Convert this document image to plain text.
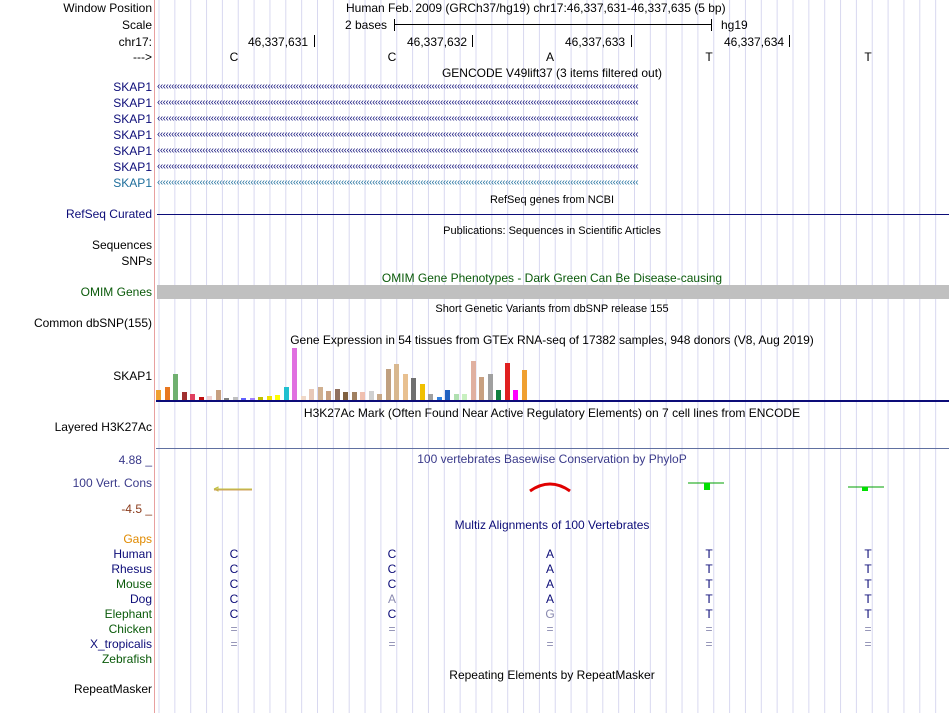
Window Position	Human Feb. 2009 (GRCh37/hg19) chr17:46,337,631-46,337,635 (5 bp)
Scale	2 bases	hg19
chr17:	46,337,631	46,337,632	46,337,633	46,337,634
--->	C	C	A	T	T
GENCODE V49lift37 (3 items filtered out)
SKAP1 ‹‹‹‹‹‹‹‹‹‹‹‹‹‹‹‹‹‹‹‹‹‹‹‹‹‹‹‹‹‹‹‹‹‹‹‹‹‹‹‹‹‹‹‹‹‹‹‹‹‹‹‹‹‹‹‹‹‹‹‹‹‹‹‹‹‹‹‹‹‹‹‹‹‹‹‹‹‹‹‹‹‹‹‹‹‹‹‹‹‹‹‹‹‹‹‹‹‹‹‹‹‹‹‹‹‹‹‹‹‹‹‹‹‹‹‹‹‹‹‹‹‹‹‹‹‹‹‹‹‹‹‹‹‹‹‹‹‹‹‹‹‹‹‹‹‹‹‹‹‹‹‹‹‹‹‹‹‹‹‹‹‹‹‹‹‹‹‹‹‹
SKAP1 ‹‹‹‹‹‹‹‹‹‹‹‹‹‹‹‹‹‹‹‹‹‹‹‹‹‹‹‹‹‹‹‹‹‹‹‹‹‹‹‹‹‹‹‹‹‹‹‹‹‹‹‹‹‹‹‹‹‹‹‹‹‹‹‹‹‹‹‹‹‹‹‹‹‹‹‹‹‹‹‹‹‹‹‹‹‹‹‹‹‹‹‹‹‹‹‹‹‹‹‹‹‹‹‹‹‹‹‹‹‹‹‹‹‹‹‹‹‹‹‹‹‹‹‹‹‹‹‹‹‹‹‹‹‹‹‹‹‹‹‹‹‹‹‹‹‹‹‹‹‹‹‹‹‹‹‹‹‹‹‹‹‹‹‹‹‹‹‹‹‹
SKAP1 ‹‹‹‹‹‹‹‹‹‹‹‹‹‹‹‹‹‹‹‹‹‹‹‹‹‹‹‹‹‹‹‹‹‹‹‹‹‹‹‹‹‹‹‹‹‹‹‹‹‹‹‹‹‹‹‹‹‹‹‹‹‹‹‹‹‹‹‹‹‹‹‹‹‹‹‹‹‹‹‹‹‹‹‹‹‹‹‹‹‹‹‹‹‹‹‹‹‹‹‹‹‹‹‹‹‹‹‹‹‹‹‹‹‹‹‹‹‹‹‹‹‹‹‹‹‹‹‹‹‹‹‹‹‹‹‹‹‹‹‹‹‹‹‹‹‹‹‹‹‹‹‹‹‹‹‹‹‹‹‹‹‹‹‹‹‹‹‹‹‹
SKAP1 ‹‹‹‹‹‹‹‹‹‹‹‹‹‹‹‹‹‹‹‹‹‹‹‹‹‹‹‹‹‹‹‹‹‹‹‹‹‹‹‹‹‹‹‹‹‹‹‹‹‹‹‹‹‹‹‹‹‹‹‹‹‹‹‹‹‹‹‹‹‹‹‹‹‹‹‹‹‹‹‹‹‹‹‹‹‹‹‹‹‹‹‹‹‹‹‹‹‹‹‹‹‹‹‹‹‹‹‹‹‹‹‹‹‹‹‹‹‹‹‹‹‹‹‹‹‹‹‹‹‹‹‹‹‹‹‹‹‹‹‹‹‹‹‹‹‹‹‹‹‹‹‹‹‹‹‹‹‹‹‹‹‹‹‹‹‹‹‹‹‹
SKAP1 ‹‹‹‹‹‹‹‹‹‹‹‹‹‹‹‹‹‹‹‹‹‹‹‹‹‹‹‹‹‹‹‹‹‹‹‹‹‹‹‹‹‹‹‹‹‹‹‹‹‹‹‹‹‹‹‹‹‹‹‹‹‹‹‹‹‹‹‹‹‹‹‹‹‹‹‹‹‹‹‹‹‹‹‹‹‹‹‹‹‹‹‹‹‹‹‹‹‹‹‹‹‹‹‹‹‹‹‹‹‹‹‹‹‹‹‹‹‹‹‹‹‹‹‹‹‹‹‹‹‹‹‹‹‹‹‹‹‹‹‹‹‹‹‹‹‹‹‹‹‹‹‹‹‹‹‹‹‹‹‹‹‹‹‹‹‹‹‹‹‹
SKAP1 ‹‹‹‹‹‹‹‹‹‹‹‹‹‹‹‹‹‹‹‹‹‹‹‹‹‹‹‹‹‹‹‹‹‹‹‹‹‹‹‹‹‹‹‹‹‹‹‹‹‹‹‹‹‹‹‹‹‹‹‹‹‹‹‹‹‹‹‹‹‹‹‹‹‹‹‹‹‹‹‹‹‹‹‹‹‹‹‹‹‹‹‹‹‹‹‹‹‹‹‹‹‹‹‹‹‹‹‹‹‹‹‹‹‹‹‹‹‹‹‹‹‹‹‹‹‹‹‹‹‹‹‹‹‹‹‹‹‹‹‹‹‹‹‹‹‹‹‹‹‹‹‹‹‹‹‹‹‹‹‹‹‹‹‹‹‹‹‹‹‹
SKAP1 ‹‹‹‹‹‹‹‹‹‹‹‹‹‹‹‹‹‹‹‹‹‹‹‹‹‹‹‹‹‹‹‹‹‹‹‹‹‹‹‹‹‹‹‹‹‹‹‹‹‹‹‹‹‹‹‹‹‹‹‹‹‹‹‹‹‹‹‹‹‹‹‹‹‹‹‹‹‹‹‹‹‹‹‹‹‹‹‹‹‹‹‹‹‹‹‹‹‹‹‹‹‹‹‹‹‹‹‹‹‹‹‹‹‹‹‹‹‹‹‹‹‹‹‹‹‹‹‹‹‹‹‹‹‹‹‹‹‹‹‹‹‹‹‹‹‹‹‹‹‹‹‹‹‹‹‹‹‹‹‹‹‹‹‹‹‹‹‹‹‹
RefSeq genes from NCBI
RefSeq Curated
Publications: Sequences in Scientific Articles
Sequences
SNPs
OMIM Gene Phenotypes - Dark Green Can Be Disease-causing
OMIM Genes
Short Genetic Variants from dbSNP release 155
Common dbSNP(155)
Gene Expression in 54 tissues from GTEx RNA-seq of 17382 samples, 948 donors (V8, Aug 2019)
SKAP1
H3K27Ac Mark (Often Found Near Active Regulatory Elements) on 7 cell lines from ENCODE
Layered H3K27Ac
100 vertebrates Basewise Conservation by PhyloP
4.88 _
100 Vert. Cons
-4.5 _
Multiz Alignments of 100 Vertebrates
Gaps
Human	C	C	A	T	T
Rhesus	C	C	A	T	T
Mouse	C	C	A	T	T
Dog	C	A	A	T	T
Elephant	C	C	G	T	T
Chicken	=	=	=	=	=
X_tropicalis	=	=	=	=	=
Zebrafish
Repeating Elements by RepeatMasker
RepeatMasker
